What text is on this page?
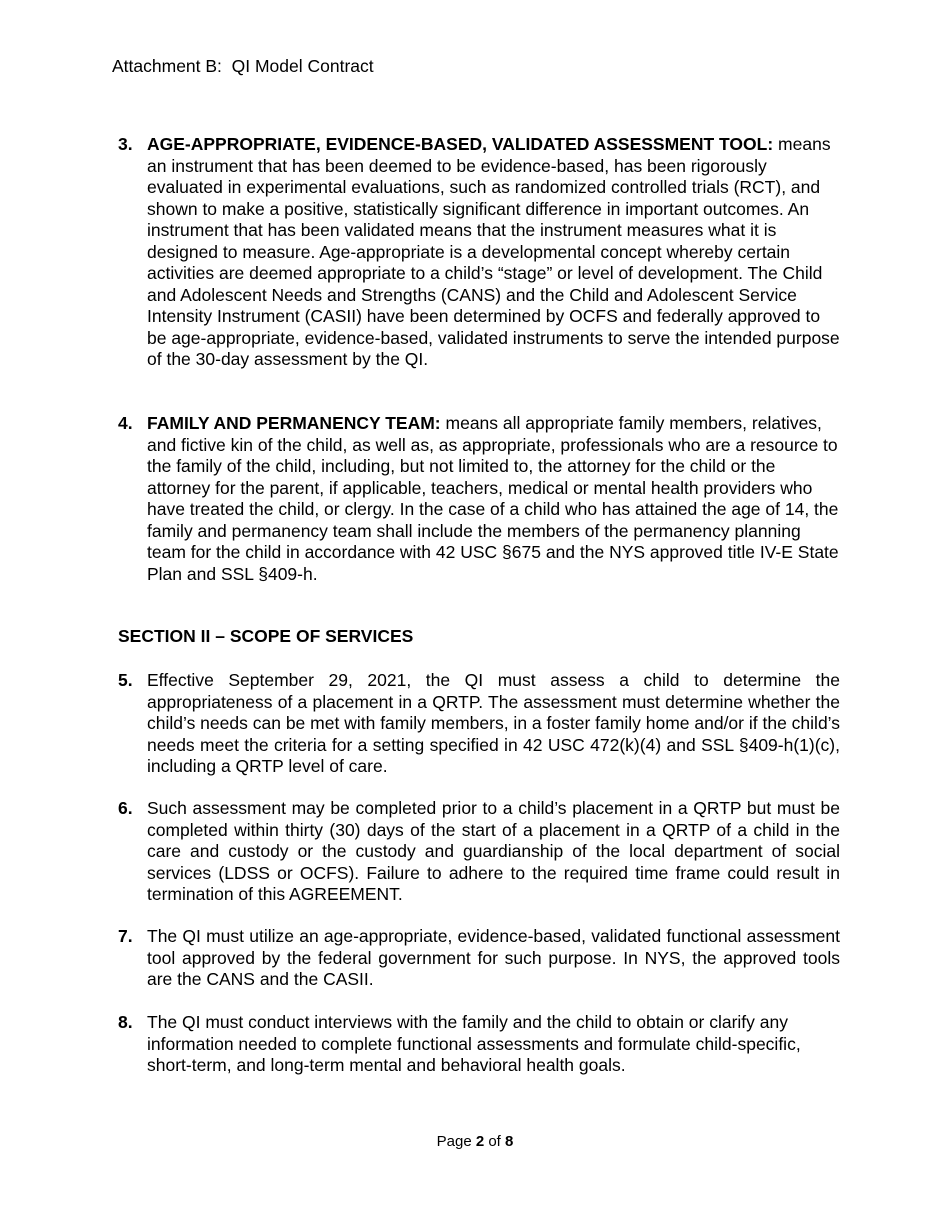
Attachment B:  QI Model Contract
3. AGE-APPROPRIATE, EVIDENCE-BASED, VALIDATED ASSESSMENT TOOL: means an instrument that has been deemed to be evidence-based, has been rigorously evaluated in experimental evaluations, such as randomized controlled trials (RCT), and shown to make a positive, statistically significant difference in important outcomes. An instrument that has been validated means that the instrument measures what it is designed to measure. Age-appropriate is a developmental concept whereby certain activities are deemed appropriate to a child’s “stage” or level of development. The Child and Adolescent Needs and Strengths (CANS) and the Child and Adolescent Service Intensity Instrument (CASII) have been determined by OCFS and federally approved to be age-appropriate, evidence-based, validated instruments to serve the intended purpose of the 30-day assessment by the QI.
4. FAMILY AND PERMANENCY TEAM: means all appropriate family members, relatives, and fictive kin of the child, as well as, as appropriate, professionals who are a resource to the family of the child, including, but not limited to, the attorney for the child or the attorney for the parent, if applicable, teachers, medical or mental health providers who have treated the child, or clergy. In the case of a child who has attained the age of 14, the family and permanency team shall include the members of the permanency planning team for the child in accordance with 42 USC §675 and the NYS approved title IV-E State Plan and SSL §409-h.
SECTION II – SCOPE OF SERVICES
5. Effective September 29, 2021, the QI must assess a child to determine the appropriateness of a placement in a QRTP. The assessment must determine whether the child’s needs can be met with family members, in a foster family home and/or if the child’s needs meet the criteria for a setting specified in 42 USC 472(k)(4) and SSL §409-h(1)(c), including a QRTP level of care.
6. Such assessment may be completed prior to a child’s placement in a QRTP but must be completed within thirty (30) days of the start of a placement in a QRTP of a child in the care and custody or the custody and guardianship of the local department of social services (LDSS or OCFS). Failure to adhere to the required time frame could result in termination of this AGREEMENT.
7. The QI must utilize an age-appropriate, evidence-based, validated functional assessment tool approved by the federal government for such purpose. In NYS, the approved tools are the CANS and the CASII.
8. The QI must conduct interviews with the family and the child to obtain or clarify any information needed to complete functional assessments and formulate child-specific, short-term, and long-term mental and behavioral health goals.
Page 2 of 8
